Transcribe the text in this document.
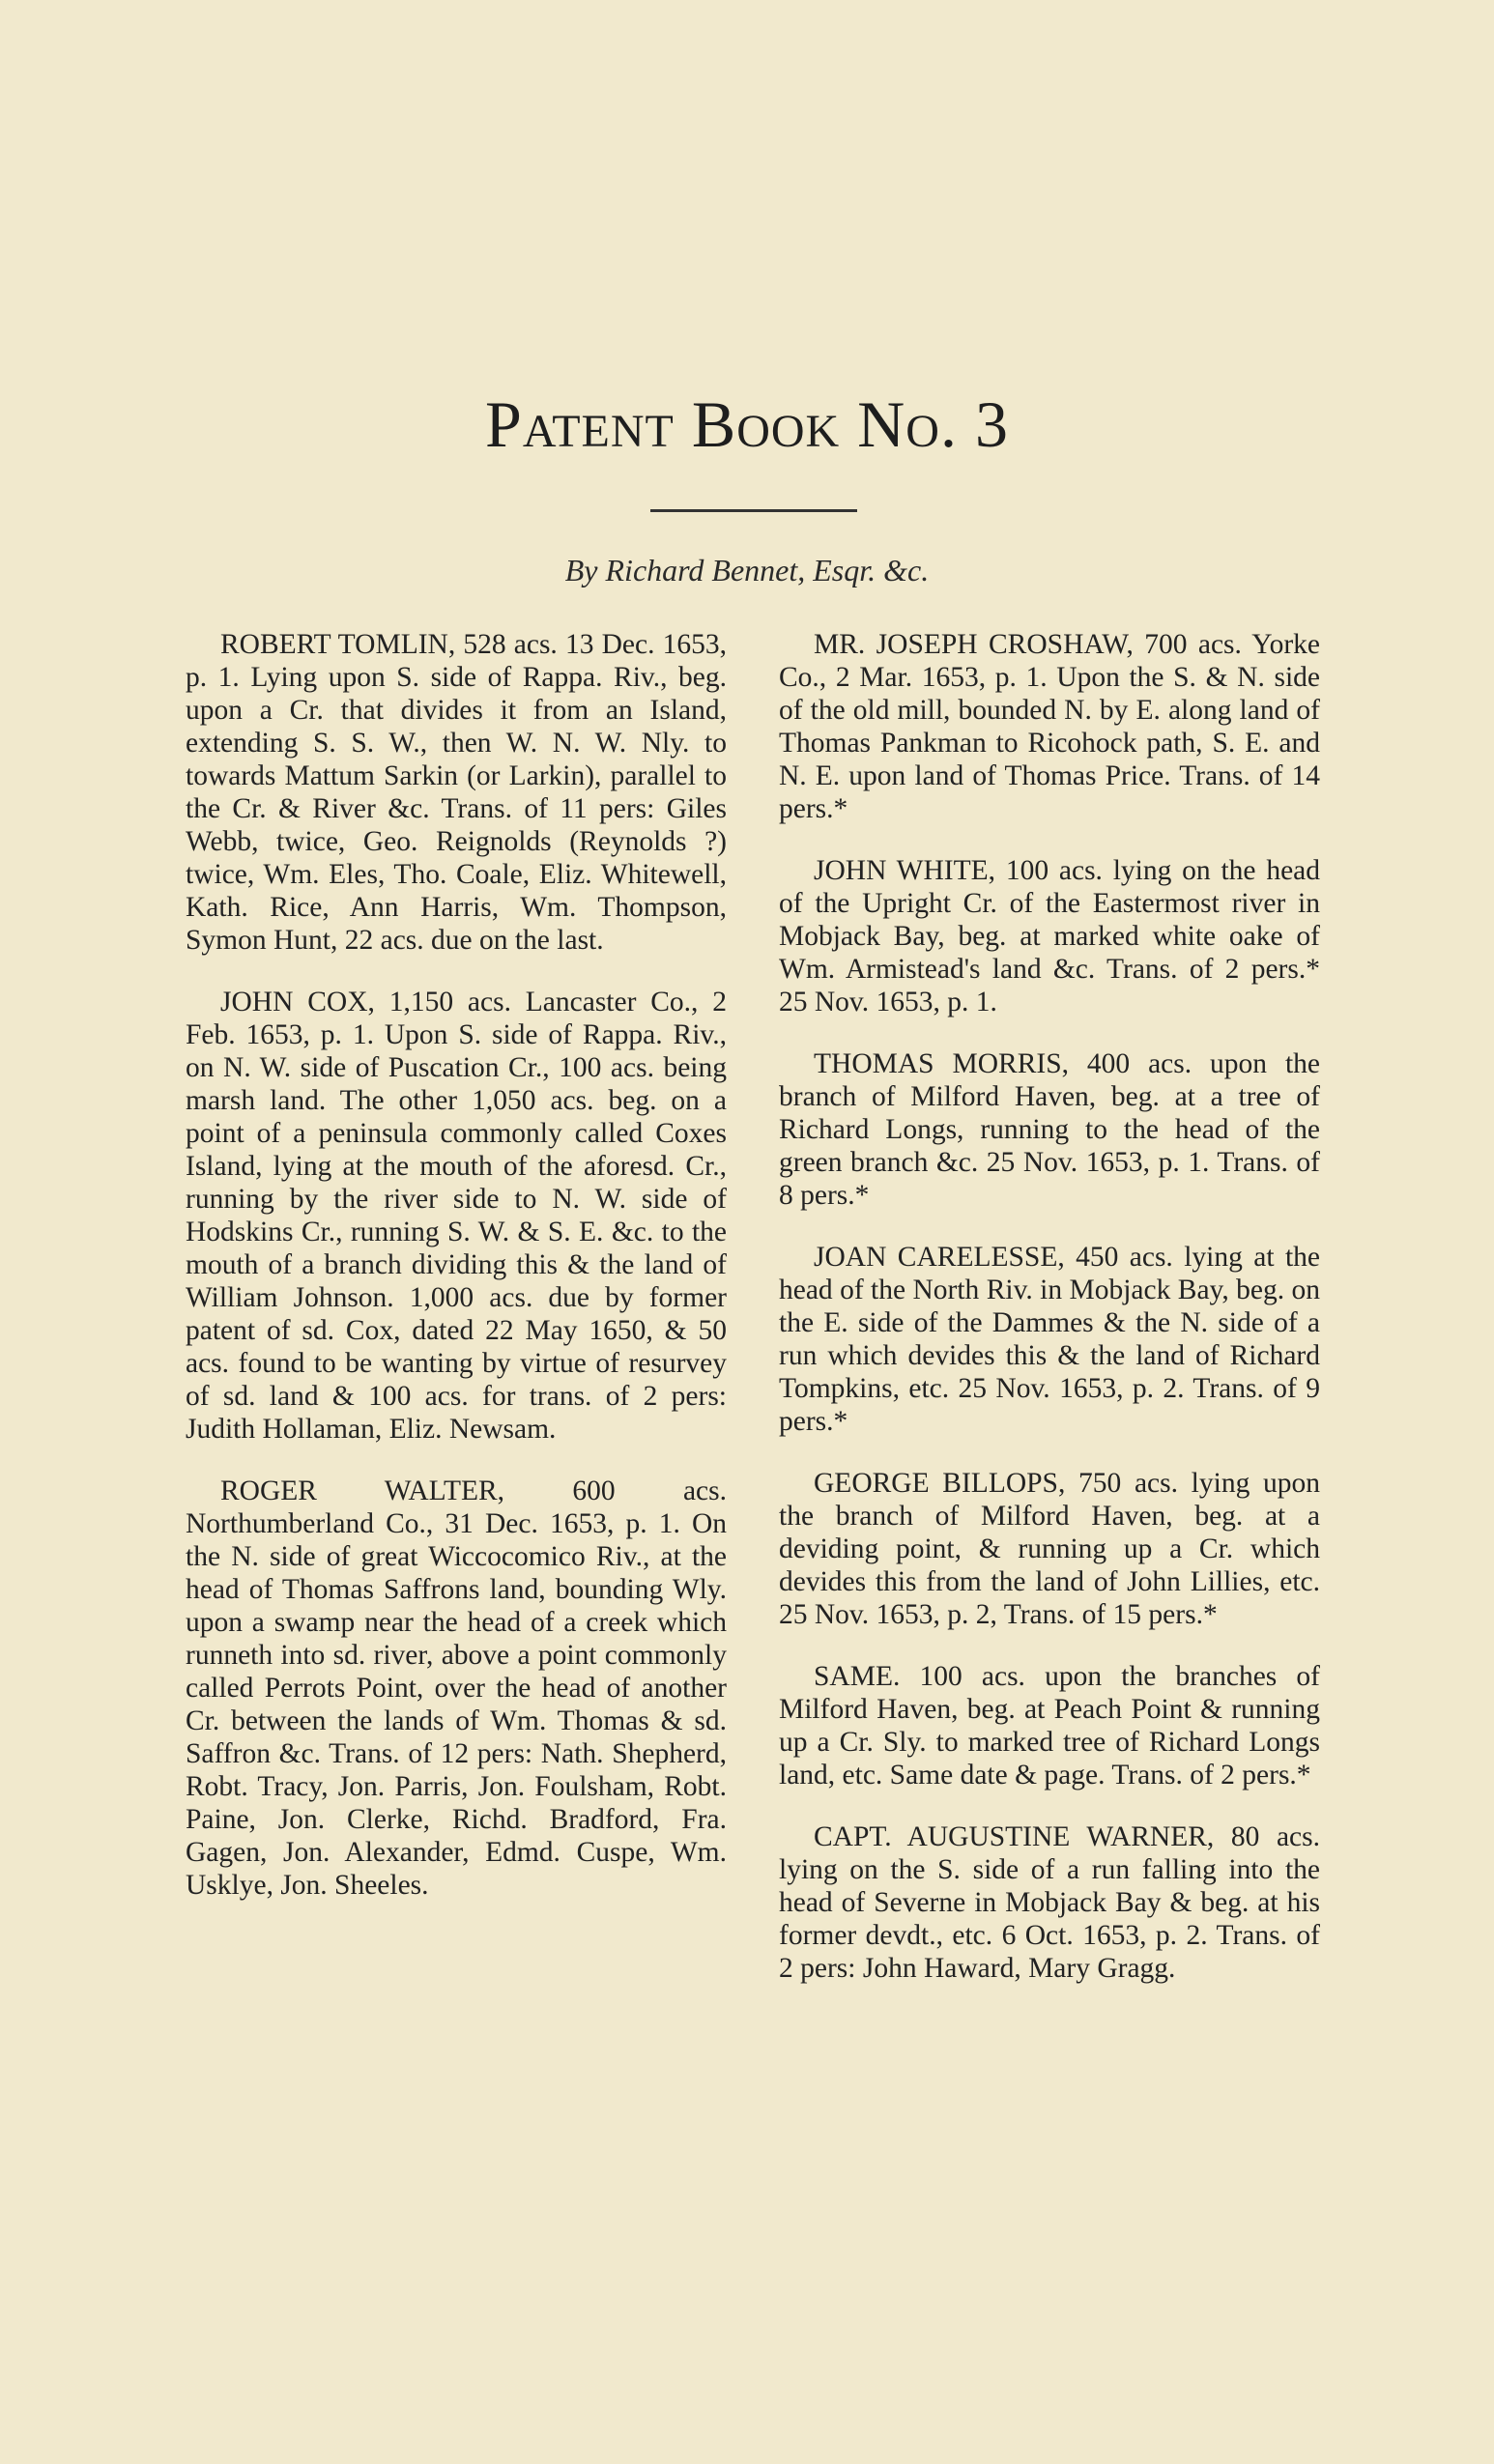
Patent Book No. 3
By Richard Bennet, Esqr. &c.

ROBERT TOMLIN, 528 acs. 13 Dec. 1653, p. 1. Lying upon S. side of Rappa. Riv., beg. upon a Cr. that divides it from an Island, extending S. S. W., then W. N. W. Nly. to towards Mattum Sarkin (or Larkin), parallel to the Cr. & River &c. Trans. of 11 pers: Giles Webb, twice, Geo. Reignolds (Reynolds ?) twice, Wm. Eles, Tho. Coale, Eliz. Whitewell, Kath. Rice, Ann Harris, Wm. Thompson, Symon Hunt, 22 acs. due on the last.

JOHN COX, 1,150 acs. Lancaster Co., 2 Feb. 1653, p. 1. Upon S. side of Rappa. Riv., on N. W. side of Puscation Cr., 100 acs. being marsh land. The other 1,050 acs. beg. on a point of a peninsula commonly called Coxes Island, lying at the mouth of the aforesd. Cr., running by the river side to N. W. side of Hodskins Cr., running S. W. & S. E. &c. to the mouth of a branch dividing this & the land of William Johnson. 1,000 acs. due by former patent of sd. Cox, dated 22 May 1650, & 50 acs. found to be wanting by virtue of resurvey of sd. land & 100 acs. for trans. of 2 pers: Judith Hollaman, Eliz. Newsam.

ROGER WALTER, 600 acs. Northumberland Co., 31 Dec. 1653, p. 1. On the N. side of great Wiccocomico Riv., at the head of Thomas Saffrons land, bounding Wly. upon a swamp near the head of a creek which runneth into sd. river, above a point commonly called Perrots Point, over the head of another Cr. between the lands of Wm. Thomas & sd. Saffron &c. Trans. of 12 pers: Nath. Shepherd, Robt. Tracy, Jon. Parris, Jon. Foulsham, Robt. Paine, Jon. Clerke, Richd. Bradford, Fra. Gagen, Jon. Alexander, Edmd. Cuspe, Wm. Usklye, Jon. Sheeles.

MR. JOSEPH CROSHAW, 700 acs. Yorke Co., 2 Mar. 1653, p. 1. Upon the S. & N. side of the old mill, bounded N. by E. along land of Thomas Pankman to Ricohock path, S. E. and N. E. upon land of Thomas Price. Trans. of 14 pers.*

JOHN WHITE, 100 acs. lying on the head of the Upright Cr. of the Eastermost river in Mobjack Bay, beg. at marked white oake of Wm. Armistead's land &c. Trans. of 2 pers.* 25 Nov. 1653, p. 1.

THOMAS MORRIS, 400 acs. upon the branch of Milford Haven, beg. at a tree of Richard Longs, running to the head of the green branch &c. 25 Nov. 1653, p. 1. Trans. of 8 pers.*

JOAN CARELESSE, 450 acs. lying at the head of the North Riv. in Mobjack Bay, beg. on the E. side of the Dammes & the N. side of a run which devides this & the land of Richard Tompkins, etc. 25 Nov. 1653, p. 2. Trans. of 9 pers.*

GEORGE BILLOPS, 750 acs. lying upon the branch of Milford Haven, beg. at a deviding point, & running up a Cr. which devides this from the land of John Lillies, etc. 25 Nov. 1653, p. 2, Trans. of 15 pers.*

SAME. 100 acs. upon the branches of Milford Haven, beg. at Peach Point & running up a Cr. Sly. to marked tree of Richard Longs land, etc. Same date & page. Trans. of 2 pers.*

CAPT. AUGUSTINE WARNER, 80 acs. lying on the S. side of a run falling into the head of Severne in Mobjack Bay & beg. at his former devdt., etc. 6 Oct. 1653, p. 2. Trans. of 2 pers: John Haward, Mary Gragg.
